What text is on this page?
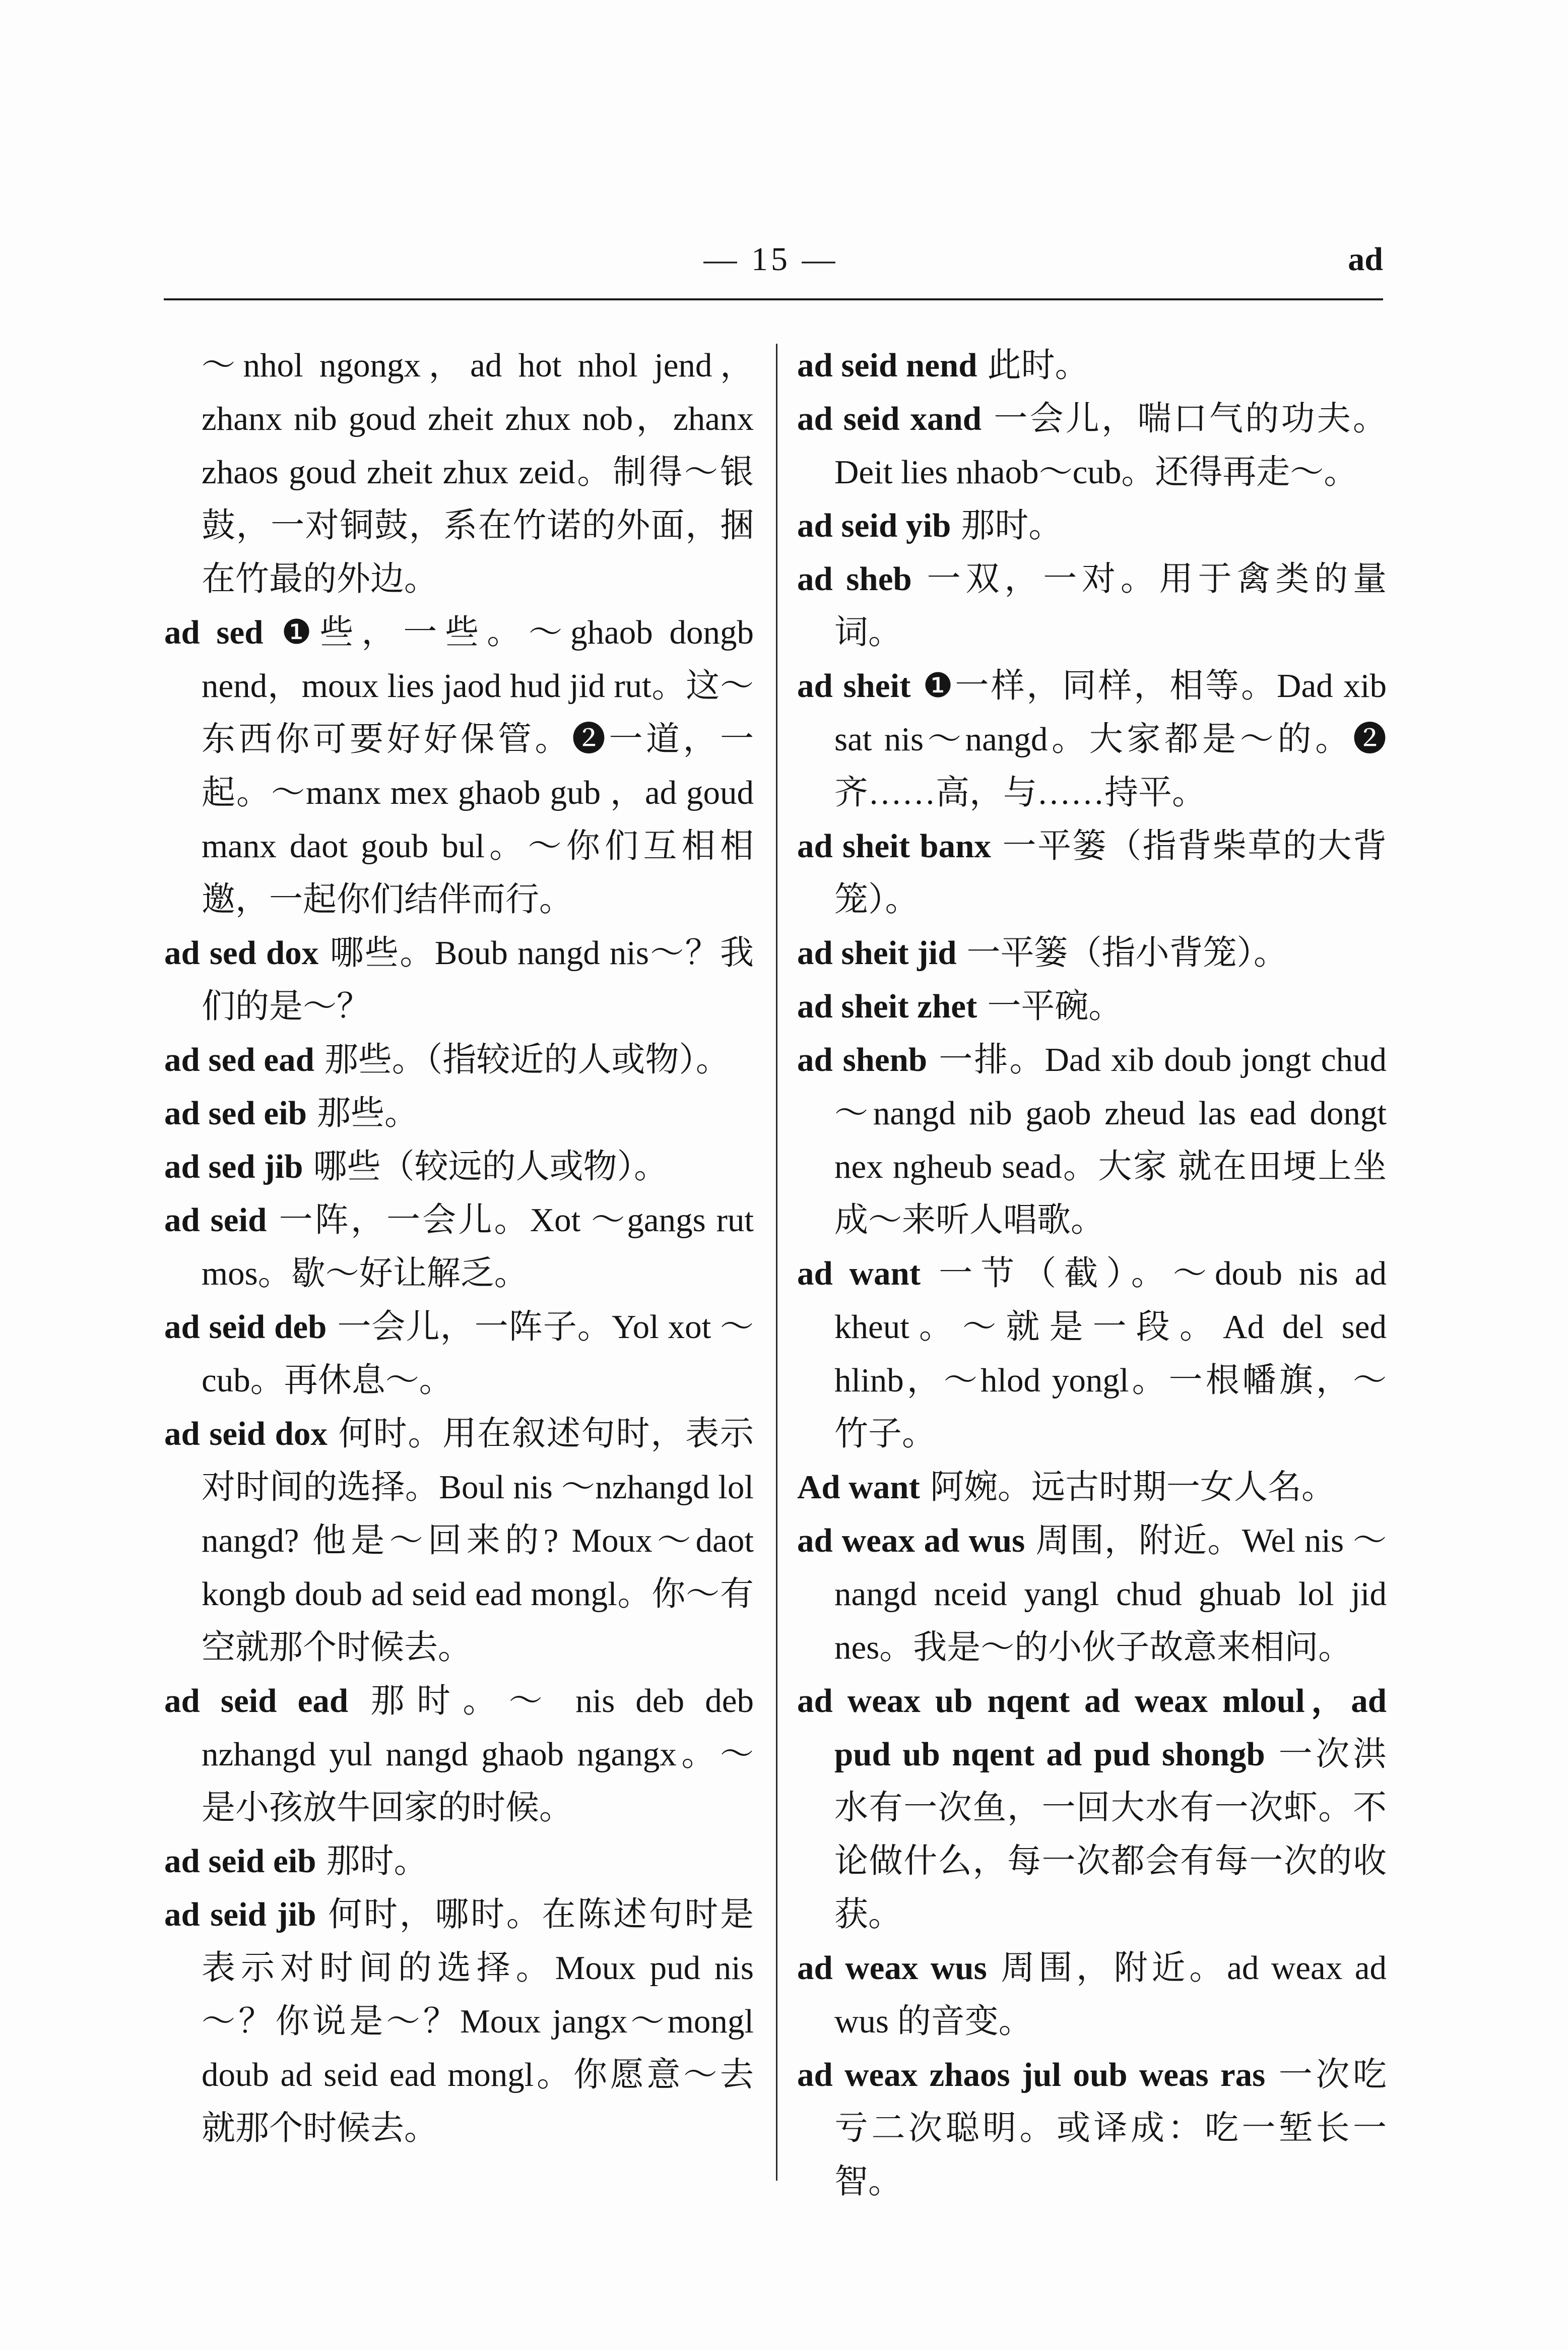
— 15 —	ad

～nhol ngongx，ad hot nhol jend，zhanx nib goud zheit zhux nob，zhanx zhaos goud zheit zhux zeid。制得～银鼓，一对铜鼓，系在竹诺的外面，捆在竹最的外边。

ad sed ❶些，一些。～ghaob dongb nend，moux lies jaod hud jid rut。这～东西你可要好好保管。❷一道，一起。～manx mex ghaob gub ，ad goud manx daot goub bul。～你们互相相邀，一起你们结伴而行。

ad sed dox 哪些。Boub nangd nis～？我们的是～？

ad sed ead 那些。（指较近的人或物）。

ad sed eib 那些。

ad sed jib 哪些（较远的人或物）。

ad seid 一阵，一会儿。Xot ～gangs rut mos。歇～好让解乏。

ad seid deb 一会儿，一阵子。Yol xot ～cub。再休息～。

ad seid dox 何时。用在叙述句时，表示对时间的选择。Boul nis ～nzhangd lol nangd? 他是～回来的? Moux～daot kongb doub ad seid ead mongl。你～有空就那个时候去。

ad seid ead 那时。～ nis deb deb nzhangd yul nangd ghaob ngangx。～是小孩放牛回家的时候。

ad seid eib 那时。

ad seid jib 何时，哪时。在陈述句时是表示对时间的选择。Moux pud nis ～？你说是～？Moux jangx～mongl doub ad seid ead mongl。你愿意～去就那个时候去。

ad seid nend 此时。

ad seid xand 一会儿，喘口气的功夫。Deit lies nhaob～cub。还得再走～。

ad seid yib 那时。

ad sheb 一双，一对。用于禽类的量词。

ad sheit ❶一样，同样，相等。Dad xib sat nis～nangd。大家都是～的。❷齐……高，与……持平。

ad sheit banx 一平篓（指背柴草的大背笼）。

ad sheit jid 一平篓（指小背笼）。

ad sheit zhet 一平碗。

ad shenb 一排。Dad xib doub jongt chud～nangd nib gaob zheud las ead dongt nex ngheub sead。大家 就在田埂上坐成～来听人唱歌。

ad want 一节（截）。～doub nis ad kheut。～就是一段。Ad del sed hlinb，～hlod yongl。一根幡旗，～竹子。

Ad want 阿婉。远古时期一女人名。

ad weax ad wus 周围，附近。Wel nis ～nangd nceid yangl chud ghuab lol jid nes。我是～的小伙子故意来相问。

ad weax ub nqent ad weax mloul，ad pud ub nqent ad pud shongb 一次洪水有一次鱼，一回大水有一次虾。不论做什么，每一次都会有每一次的收获。

ad weax wus 周围，附近。ad weax ad wus 的音变。

ad weax zhaos jul oub weas ras 一次吃亏二次聪明。或译成：吃一堑长一智。
